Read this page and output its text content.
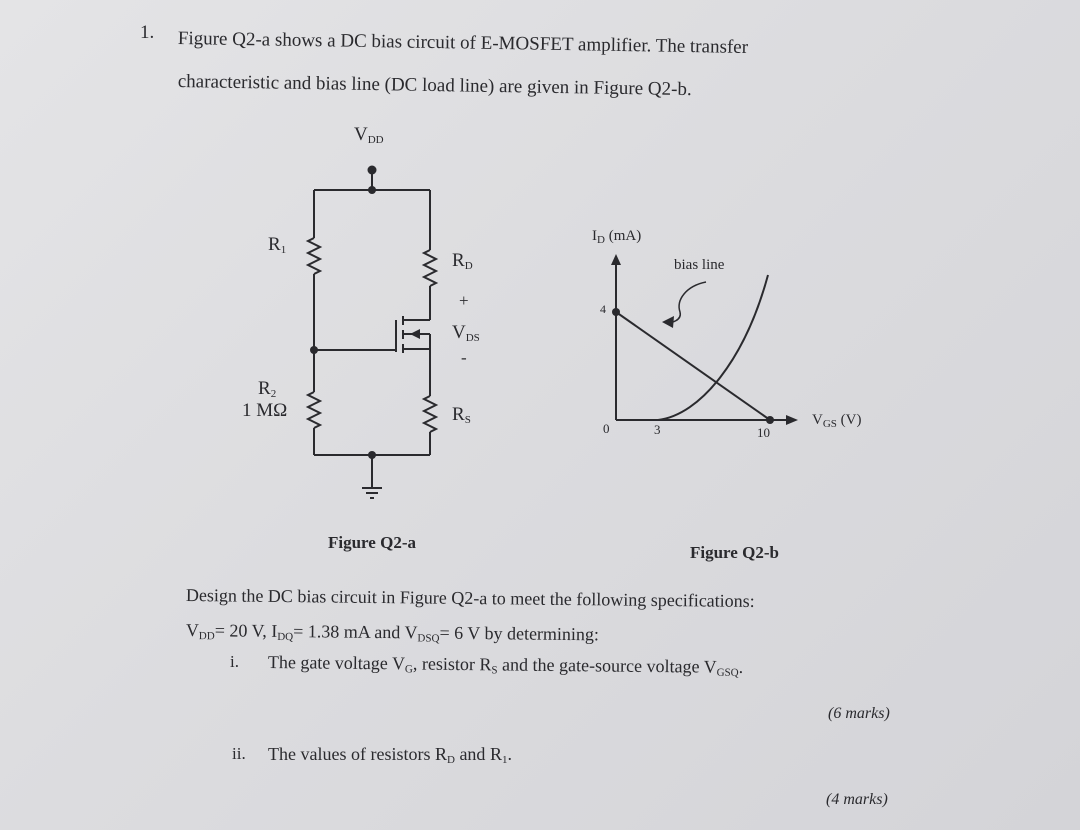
1. Figure Q2-a shows a DC bias circuit of E-MOSFET amplifier. The transfer
characteristic and bias line (DC load line) are given in Figure Q2-b.
$V_{DD}$
$R_1$	$R_D$
+
$V_{DS}$
-
$R_2$
1 MΩ	$R_S$
Figure Q2-a
$I_D$ (mA)
bias line
4
0	3	10
$V_{GS}$ (V)
Figure Q2-b
Design the DC bias circuit in Figure Q2-a to meet the following specifications:
$V_{DD}= 20$ V, $I_{DQ}= 1.38$ mA and $V_{DSQ}= 6$ V by determining:
i. The gate voltage $V_G$, resistor $R_S$ and the gate-source voltage $V_{GSQ}$.
(6 marks)
ii. The values of resistors $R_D$ and $R_1$.
(4 marks)
